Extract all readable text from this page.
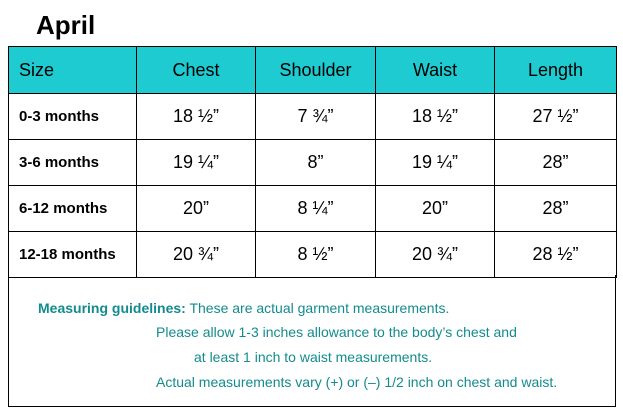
April
Size	Chest	Shoulder	Waist	Length
0-3 months	18 ½”	7 ¾”	18 ½”	27 ½”
3-6 months	19 ¼”	8”	19 ¼”	28”
6-12 months	20”	8 ¼”	20”	28”
12-18 months	20 ¾”	8 ½”	20 ¾”	28 ½”
Measuring guidelines: These are actual garment measurements.
Please allow 1-3 inches allowance to the body’s chest and
at least 1 inch to waist measurements.
Actual measurements vary (+) or (–) 1/2 inch on chest and waist.
